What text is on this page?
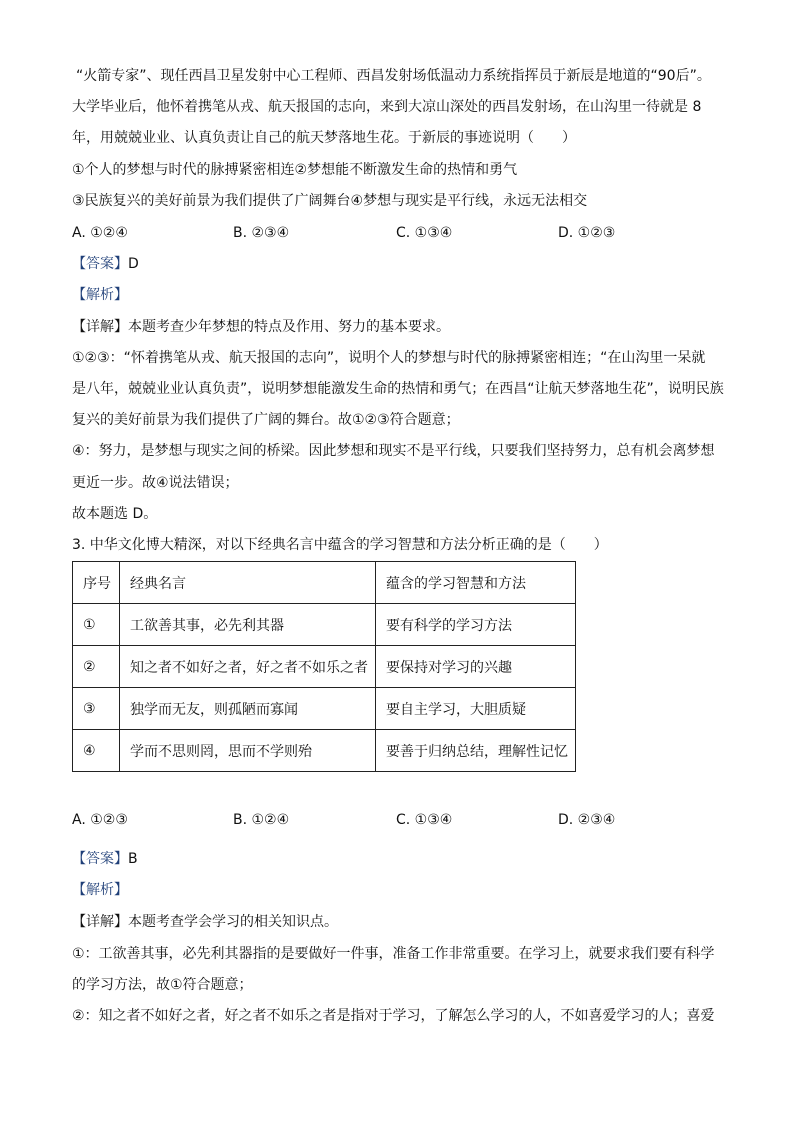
“火箭专家”、现任西昌卫星发射中心工程师、西昌发射场低温动力系统指挥员于新辰是地道的“90后”。
大学毕业后，他怀着携笔从戎、航天报国的志向，来到大凉山深处的西昌发射场，在山沟里一待就是 8
年，用兢兢业业、认真负责让自己的航天梦落地生花。于新辰的事迹说明（　　）
①个人的梦想与时代的脉搏紧密相连②梦想能不断激发生命的热情和勇气
③民族复兴的美好前景为我们提供了广阔舞台④梦想与现实是平行线，永远无法相交
A. ①②④	B. ②③④	C. ①③④	D. ①②③
【答案】D
【解析】
【详解】本题考查少年梦想的特点及作用、努力的基本要求。
①②③：“怀着携笔从戎、航天报国的志向”，说明个人的梦想与时代的脉搏紧密相连；“在山沟里一呆就
是八年，兢兢业业认真负责”，说明梦想能激发生命的热情和勇气；在西昌“让航天梦落地生花”，说明民族
复兴的美好前景为我们提供了广阔的舞台。故①②③符合题意；
④：努力，是梦想与现实之间的桥梁。因此梦想和现实不是平行线，只要我们坚持努力，总有机会离梦想
更近一步。故④说法错误；
故本题选 D。
3. 中华文化博大精深，对以下经典名言中蕴含的学习智慧和方法分析正确的是（　　）
序号	经典名言	蕴含的学习智慧和方法
①	工欲善其事，必先利其器	要有科学的学习方法
②	知之者不如好之者，好之者不如乐之者	要保持对学习的兴趣
③	独学而无友，则孤陋而寡闻	要自主学习，大胆质疑
④	学而不思则罔，思而不学则殆	要善于归纳总结，理解性记忆
A. ①②③	B. ①②④	C. ①③④	D. ②③④
【答案】B
【解析】
【详解】本题考查学会学习的相关知识点。
①：工欲善其事，必先利其器指的是要做好一件事，准备工作非常重要。在学习上，就要求我们要有科学
的学习方法，故①符合题意；
②：知之者不如好之者，好之者不如乐之者是指对于学习，了解怎么学习的人，不如喜爱学习的人；喜爱
